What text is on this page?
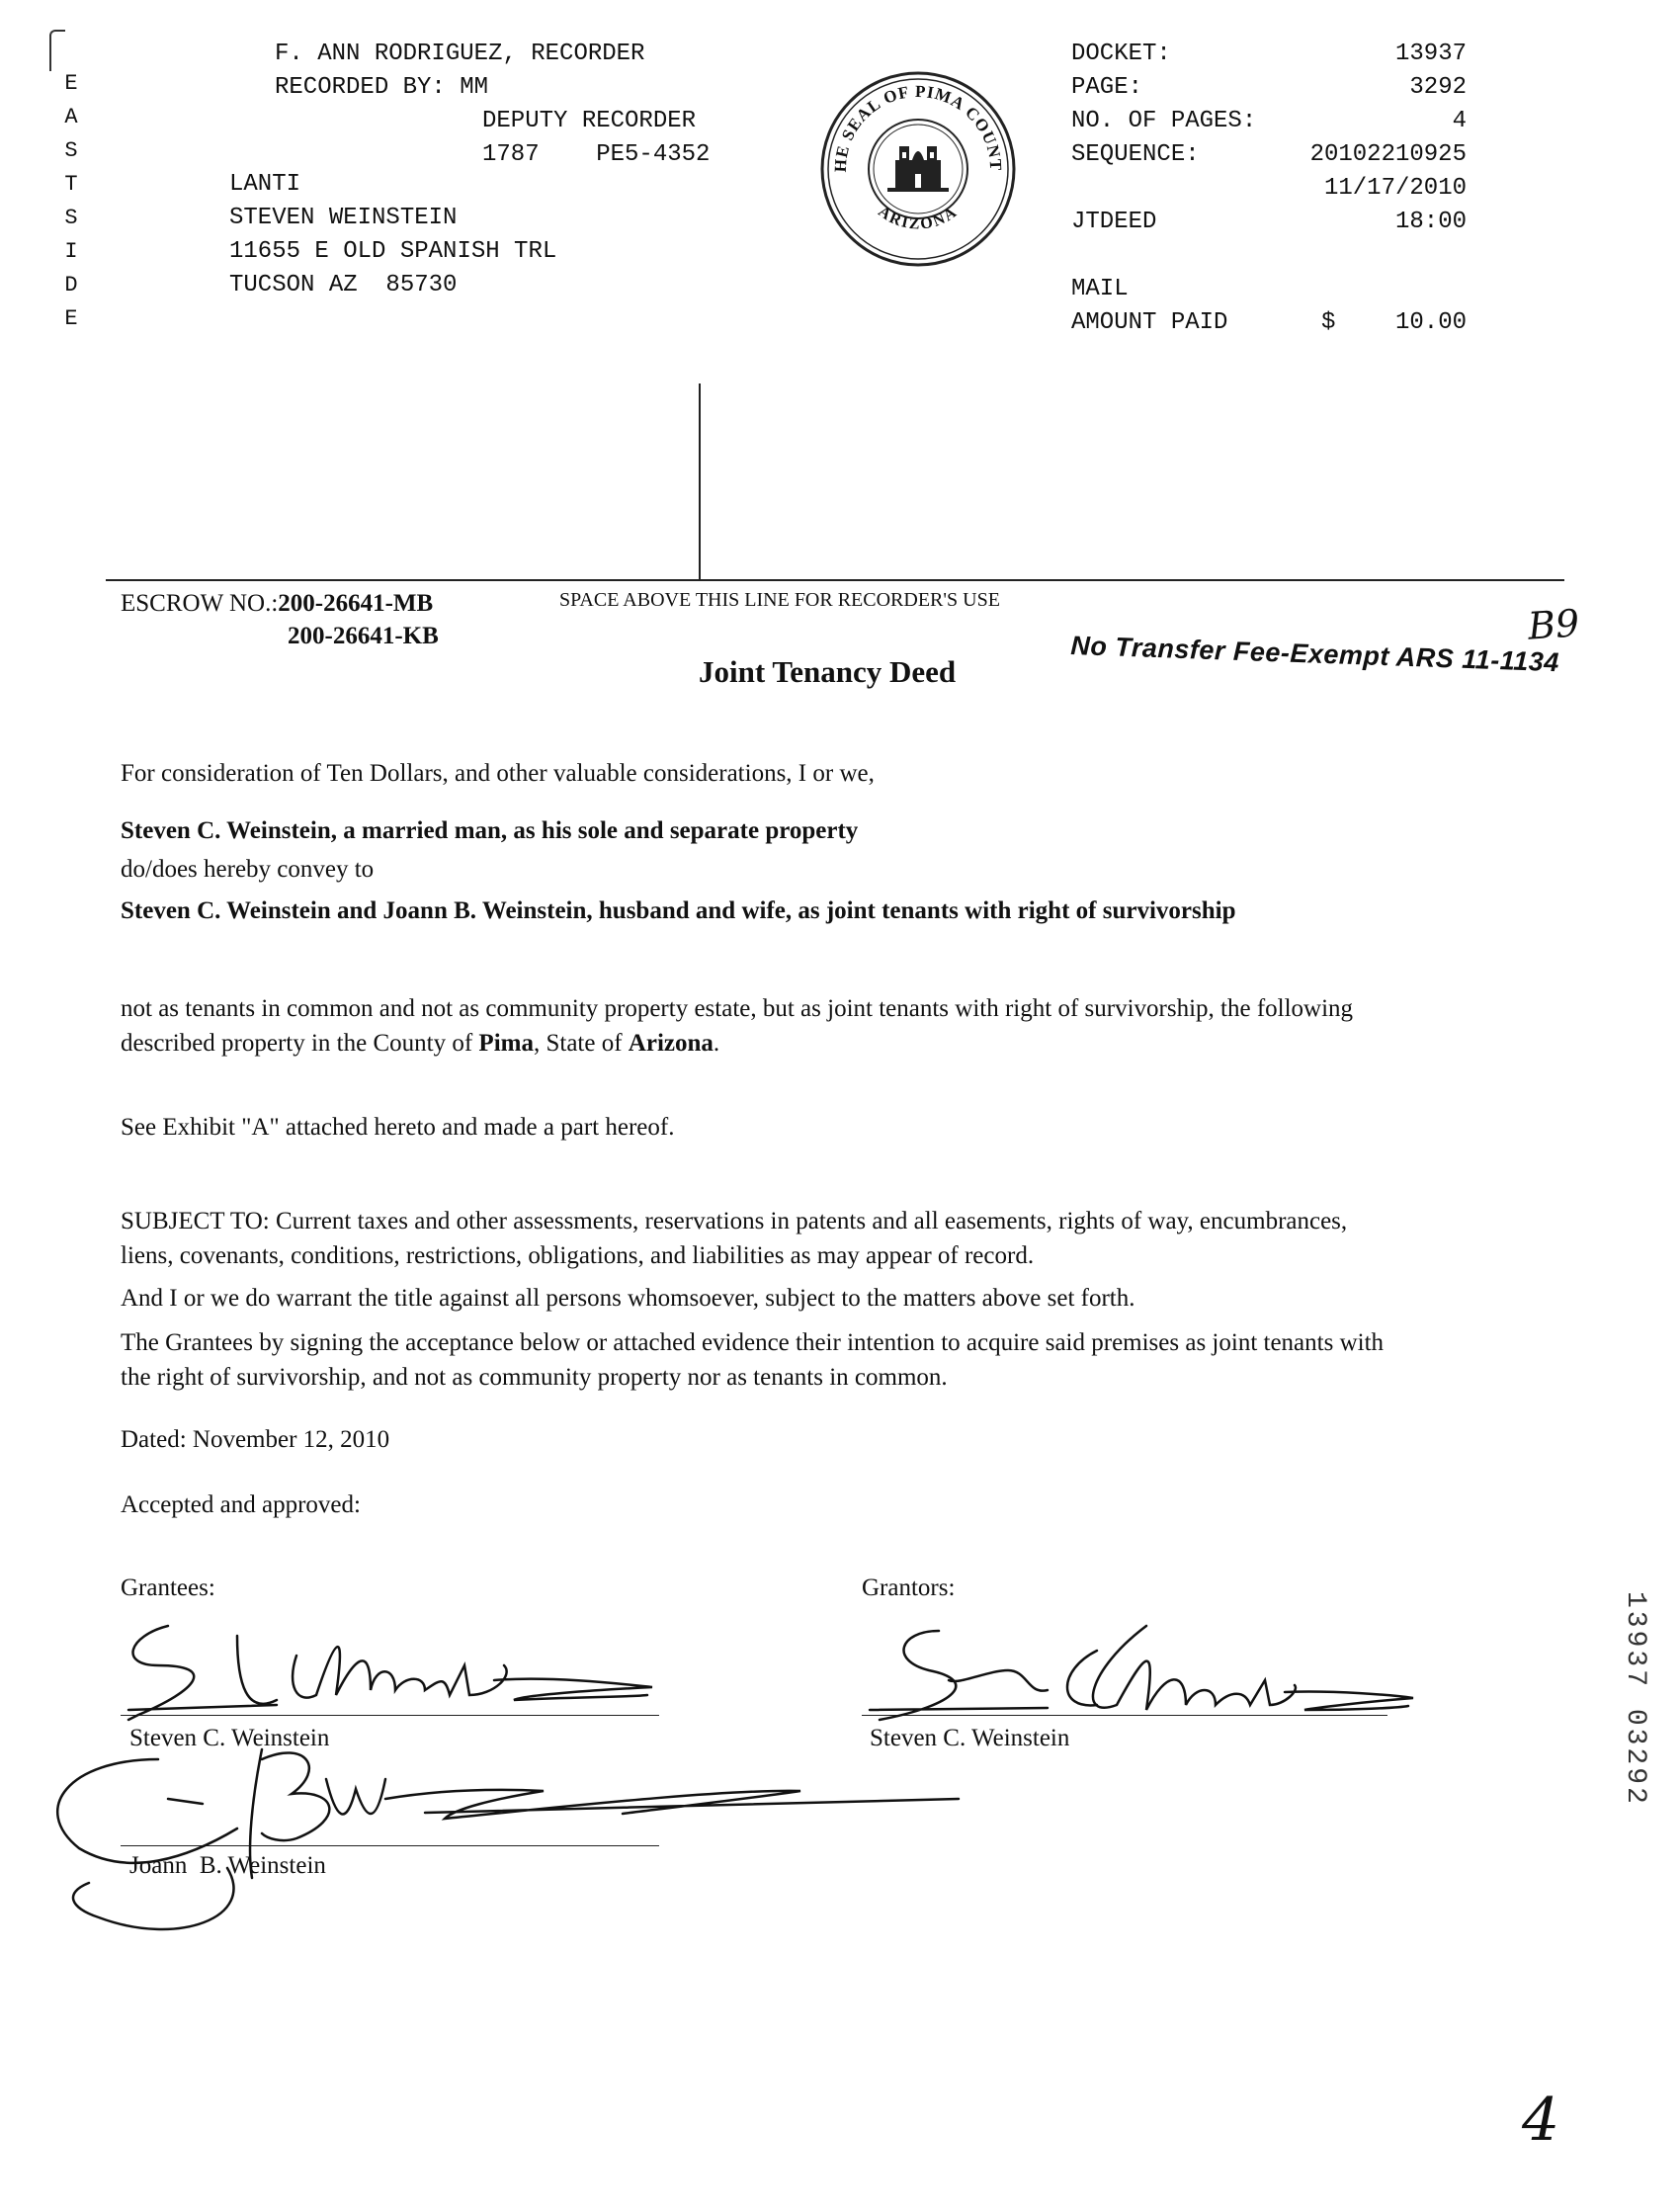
E
A
S
T
S
I
D
E
F. ANN RODRIGUEZ, RECORDER
RECORDED BY: MM
DEPUTY RECORDER
1787    PE5-4352
LANTI
STEVEN WEINSTEIN
11655 E OLD SPANISH TRL
TUCSON AZ  85730
HE SEAL OF PIMA COUNT
ARIZONA
DOCKET:	13937
PAGE:	3292
NO. OF PAGES:	4
SEQUENCE:	20102210925
11/17/2010
JTDEED	18:00
MAIL
AMOUNT PAID	$	10.00
ESCROW NO.:200-26641-MB
200-26641-KB
SPACE ABOVE THIS LINE FOR RECORDER'S USE
No Transfer Fee-Exempt ARS 11-1134
B9
Joint Tenancy Deed
For consideration of Ten Dollars, and other valuable considerations, I or we,
Steven C. Weinstein, a married man, as his sole and separate property
do/does hereby convey to
Steven C. Weinstein and Joann B. Weinstein, husband and wife, as joint tenants with right of survivorship
not as tenants in common and not as community property estate, but as joint tenants with right of survivorship, the following
described property in the County of Pima, State of Arizona.
See Exhibit "A" attached hereto and made a part hereof.
SUBJECT TO: Current taxes and other assessments, reservations in patents and all easements, rights of way, encumbrances,
liens, covenants, conditions, restrictions, obligations, and liabilities as may appear of record.
And I or we do warrant the title against all persons whomsoever, subject to the matters above set forth.
The Grantees by signing the acceptance below or attached evidence their intention to acquire said premises as joint tenants with
the right of survivorship, and not as community property nor as tenants in common.
Dated: November 12, 2010
Accepted and approved:
Grantees:	Grantors:
Steven C. Weinstein	Steven C. Weinstein
Joann  B. Weinstein
13937 03292
4
